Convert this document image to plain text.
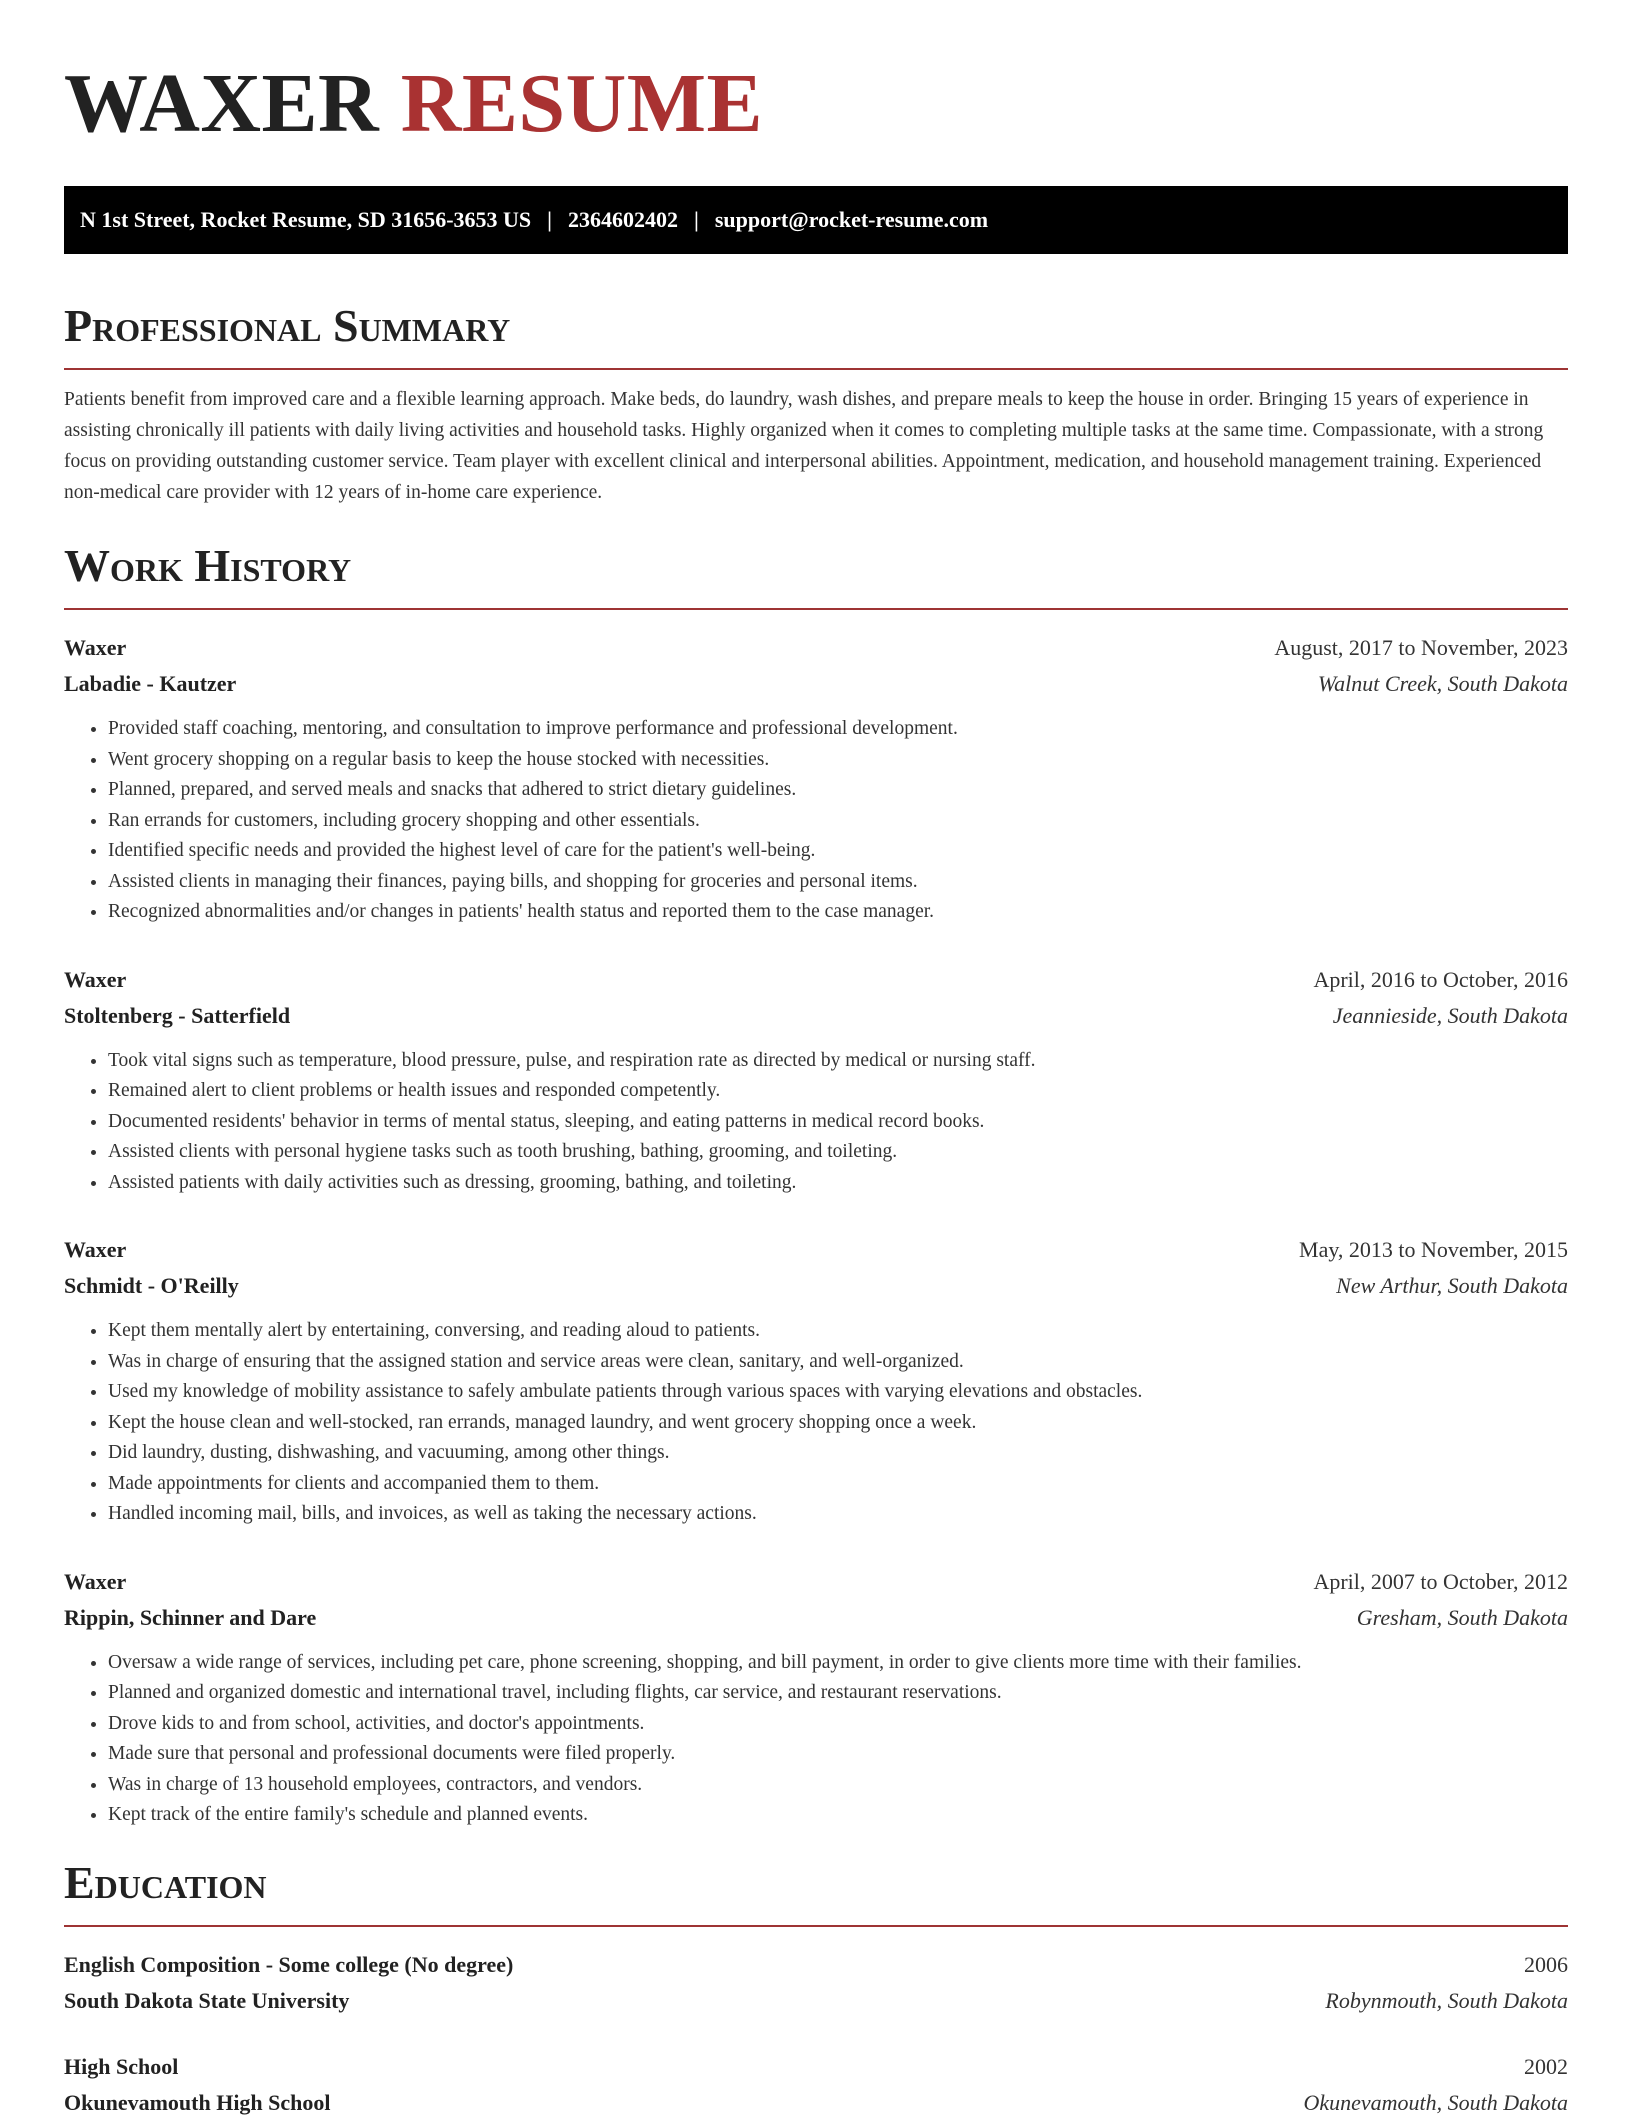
WAXER RESUME
N 1st Street, Rocket Resume, SD 31656-3653 US | 2364602402 | support@rocket-resume.com
Professional Summary
Patients benefit from improved care and a flexible learning approach. Make beds, do laundry, wash dishes, and prepare meals to keep the house in order. Bringing 15 years of experience in assisting chronically ill patients with daily living activities and household tasks. Highly organized when it comes to completing multiple tasks at the same time. Compassionate, with a strong focus on providing outstanding customer service. Team player with excellent clinical and interpersonal abilities. Appointment, medication, and household management training. Experienced non-medical care provider with 12 years of in-home care experience.
Work History
Waxer	August, 2017 to November, 2023
Labadie - Kautzer	Walnut Creek, South Dakota
• Provided staff coaching, mentoring, and consultation to improve performance and professional development.
• Went grocery shopping on a regular basis to keep the house stocked with necessities.
• Planned, prepared, and served meals and snacks that adhered to strict dietary guidelines.
• Ran errands for customers, including grocery shopping and other essentials.
• Identified specific needs and provided the highest level of care for the patient's well-being.
• Assisted clients in managing their finances, paying bills, and shopping for groceries and personal items.
• Recognized abnormalities and/or changes in patients' health status and reported them to the case manager.
Waxer	April, 2016 to October, 2016
Stoltenberg - Satterfield	Jeannieside, South Dakota
• Took vital signs such as temperature, blood pressure, pulse, and respiration rate as directed by medical or nursing staff.
• Remained alert to client problems or health issues and responded competently.
• Documented residents' behavior in terms of mental status, sleeping, and eating patterns in medical record books.
• Assisted clients with personal hygiene tasks such as tooth brushing, bathing, grooming, and toileting.
• Assisted patients with daily activities such as dressing, grooming, bathing, and toileting.
Waxer	May, 2013 to November, 2015
Schmidt - O'Reilly	New Arthur, South Dakota
• Kept them mentally alert by entertaining, conversing, and reading aloud to patients.
• Was in charge of ensuring that the assigned station and service areas were clean, sanitary, and well-organized.
• Used my knowledge of mobility assistance to safely ambulate patients through various spaces with varying elevations and obstacles.
• Kept the house clean and well-stocked, ran errands, managed laundry, and went grocery shopping once a week.
• Did laundry, dusting, dishwashing, and vacuuming, among other things.
• Made appointments for clients and accompanied them to them.
• Handled incoming mail, bills, and invoices, as well as taking the necessary actions.
Waxer	April, 2007 to October, 2012
Rippin, Schinner and Dare	Gresham, South Dakota
• Oversaw a wide range of services, including pet care, phone screening, shopping, and bill payment, in order to give clients more time with their families.
• Planned and organized domestic and international travel, including flights, car service, and restaurant reservations.
• Drove kids to and from school, activities, and doctor's appointments.
• Made sure that personal and professional documents were filed properly.
• Was in charge of 13 household employees, contractors, and vendors.
• Kept track of the entire family's schedule and planned events.
Education
English Composition - Some college (No degree)	2006
South Dakota State University	Robynmouth, South Dakota
High School	2002
Okunevamouth High School	Okunevamouth, South Dakota
